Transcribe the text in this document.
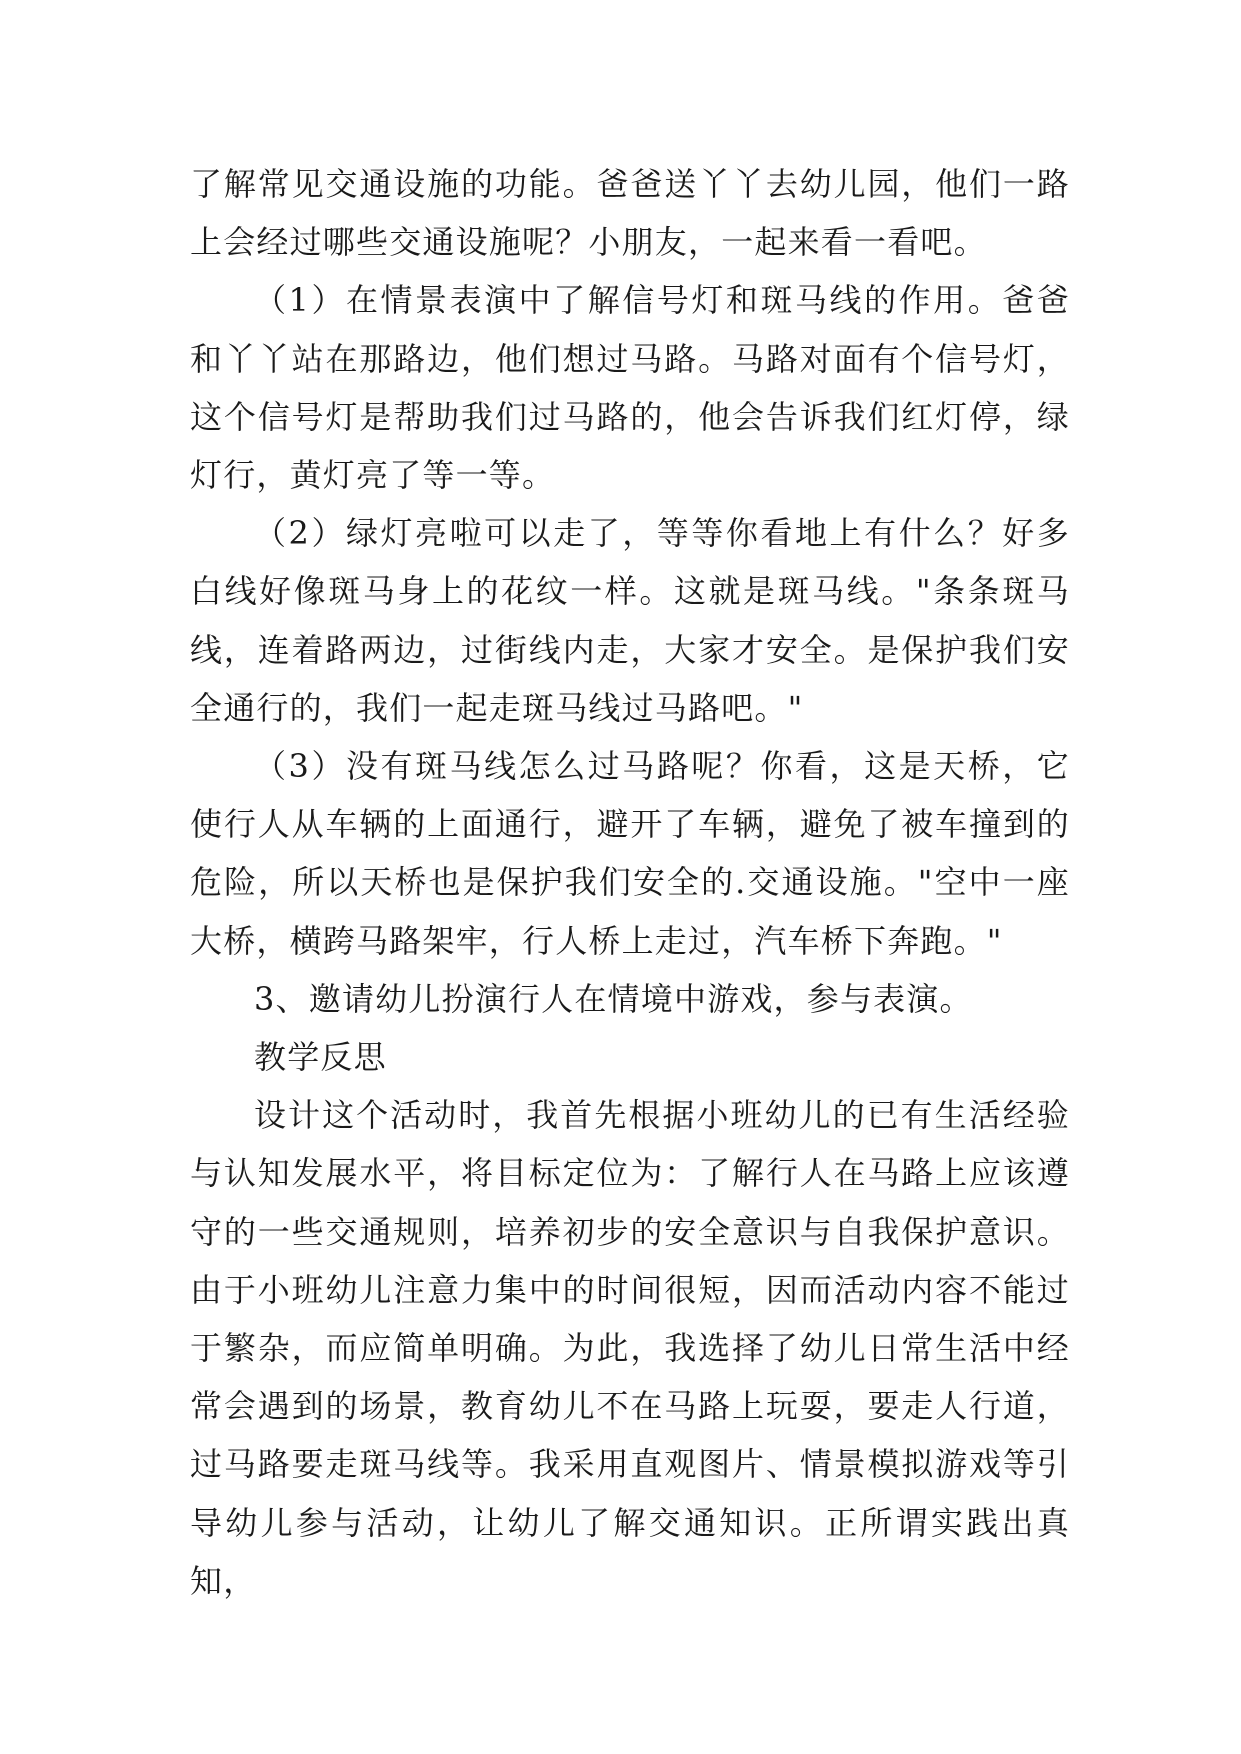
了解常见交通设施的功能。爸爸送丫丫去幼儿园，他们一路上会经过哪些交通设施呢？小朋友，一起来看一看吧。

（1）在情景表演中了解信号灯和斑马线的作用。爸爸和丫丫站在那路边，他们想过马路。马路对面有个信号灯，这个信号灯是帮助我们过马路的，他会告诉我们红灯停，绿灯行，黄灯亮了等一等。

（2）绿灯亮啦可以走了，等等你看地上有什么？好多白线好像斑马身上的花纹一样。这就是斑马线。"条条斑马线，连着路两边，过街线内走，大家才安全。是保护我们安全通行的，我们一起走斑马线过马路吧。"

（3）没有斑马线怎么过马路呢？你看，这是天桥，它使行人从车辆的上面通行，避开了车辆，避免了被车撞到的危险，所以天桥也是保护我们安全的.交通设施。"空中一座大桥，横跨马路架牢，行人桥上走过，汽车桥下奔跑。"

3、邀请幼儿扮演行人在情境中游戏，参与表演。

教学反思

设计这个活动时，我首先根据小班幼儿的已有生活经验与认知发展水平，将目标定位为：了解行人在马路上应该遵守的一些交通规则，培养初步的安全意识与自我保护意识。由于小班幼儿注意力集中的时间很短，因而活动内容不能过于繁杂，而应简单明确。为此，我选择了幼儿日常生活中经常会遇到的场景，教育幼儿不在马路上玩耍，要走人行道，过马路要走斑马线等。我采用直观图片、情景模拟游戏等引导幼儿参与活动，让幼儿了解交通知识。正所谓实践出真知，
